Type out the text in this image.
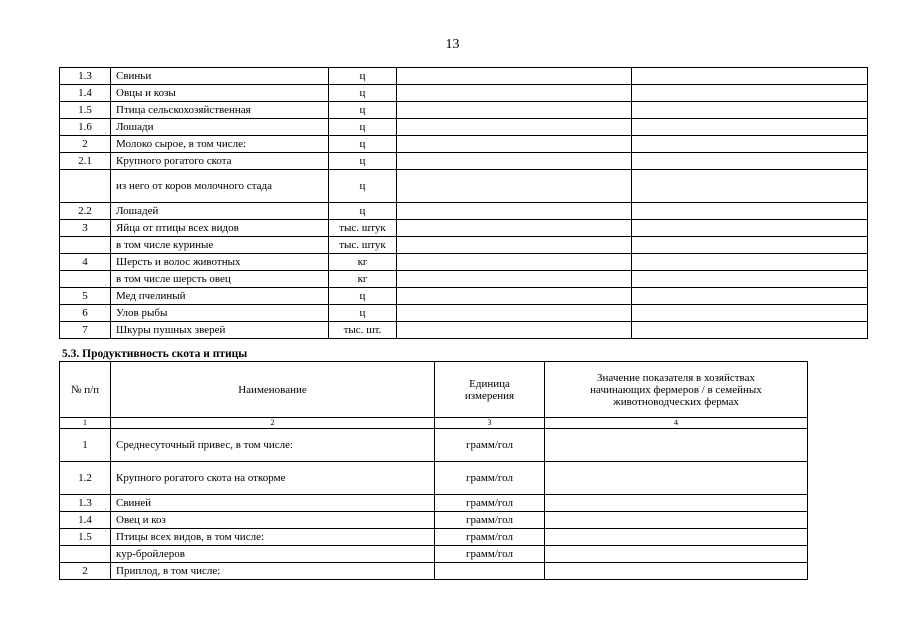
13
1.3	Свиньи	ц		
1.4	Овцы и козы	ц		
1.5	Птица сельскохозяйственная	ц		
1.6	Лошади	ц		
2	Молоко сырое, в том числе:	ц		
2.1	Крупного рогатого скота	ц		
	из него от коров молочного стада	ц		
2.2	Лошадей	ц		
3	Яйца от птицы всех видов	тыс. штук		
	в том числе куриные	тыс. штук		
4	Шерсть и волос животных	кг		
	в том числе шерсть овец	кг		
5	Мед пчелиный	ц		
6	Улов рыбы	ц		
7	Шкуры пушных зверей	тыс. шт.		
5.3. Продуктивность скота и птицы
№ п/п	Наименование	Единица измерения	Значение показателя в хозяйствах начинающих фермеров / в семейных животноводческих фермах
1	2	3	4
1	Среднесуточный привес, в том числе:	грамм/гол	
1.2	Крупного рогатого скота на откорме	грамм/гол	
1.3	Свиней	грамм/гол	
1.4	Овец и коз	грамм/гол	
1.5	Птицы всех видов, в том числе:	грамм/гол	
	кур-бройлеров	грамм/гол	
2	Приплод, в том числе:		
